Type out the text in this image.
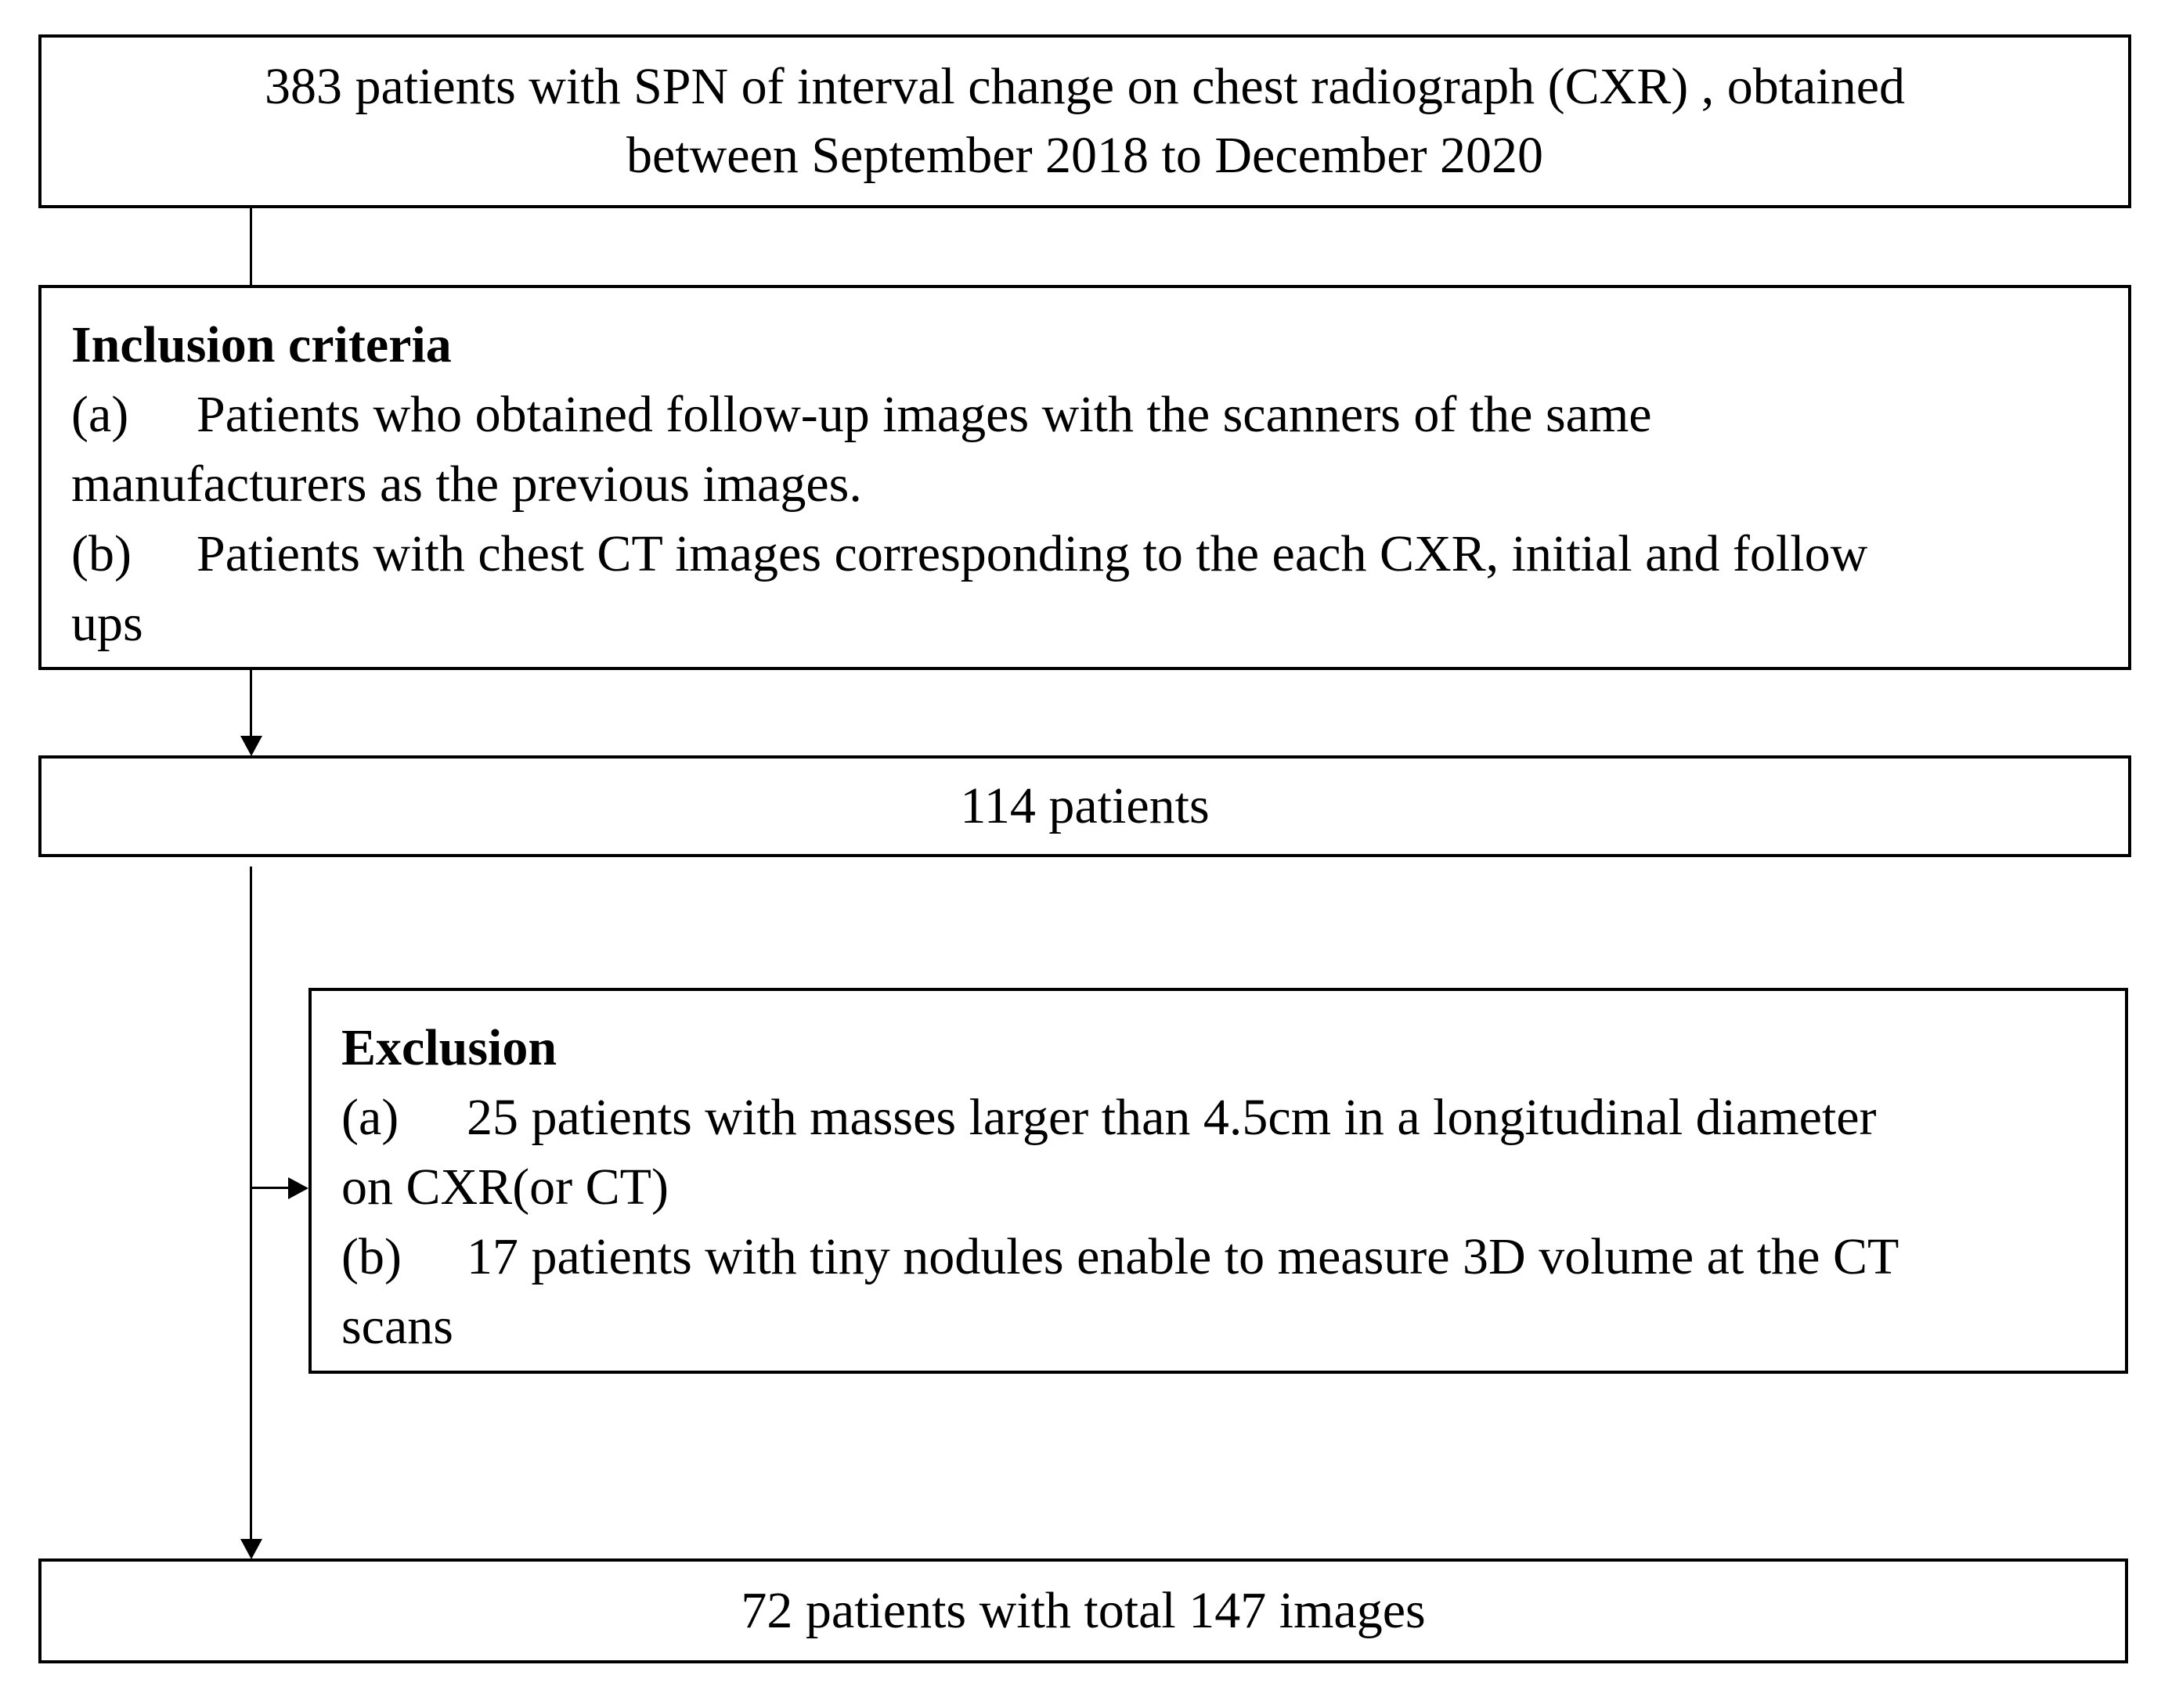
383 patients with SPN of interval change on chest radiograph (CXR) , obtained
between September 2018 to December 2020
Inclusion criteria
(a) Patients who obtained follow-up images with the scanners of the same
manufacturers as the previous images.
(b) Patients with chest CT images corresponding to the each CXR, initial and follow
ups
114 patients
Exclusion
(a) 25 patients with masses larger than 4.5cm in a longitudinal diameter
on CXR(or CT)
(b) 17 patients with tiny nodules enable to measure 3D volume at the CT
scans
72 patients with total 147 images
